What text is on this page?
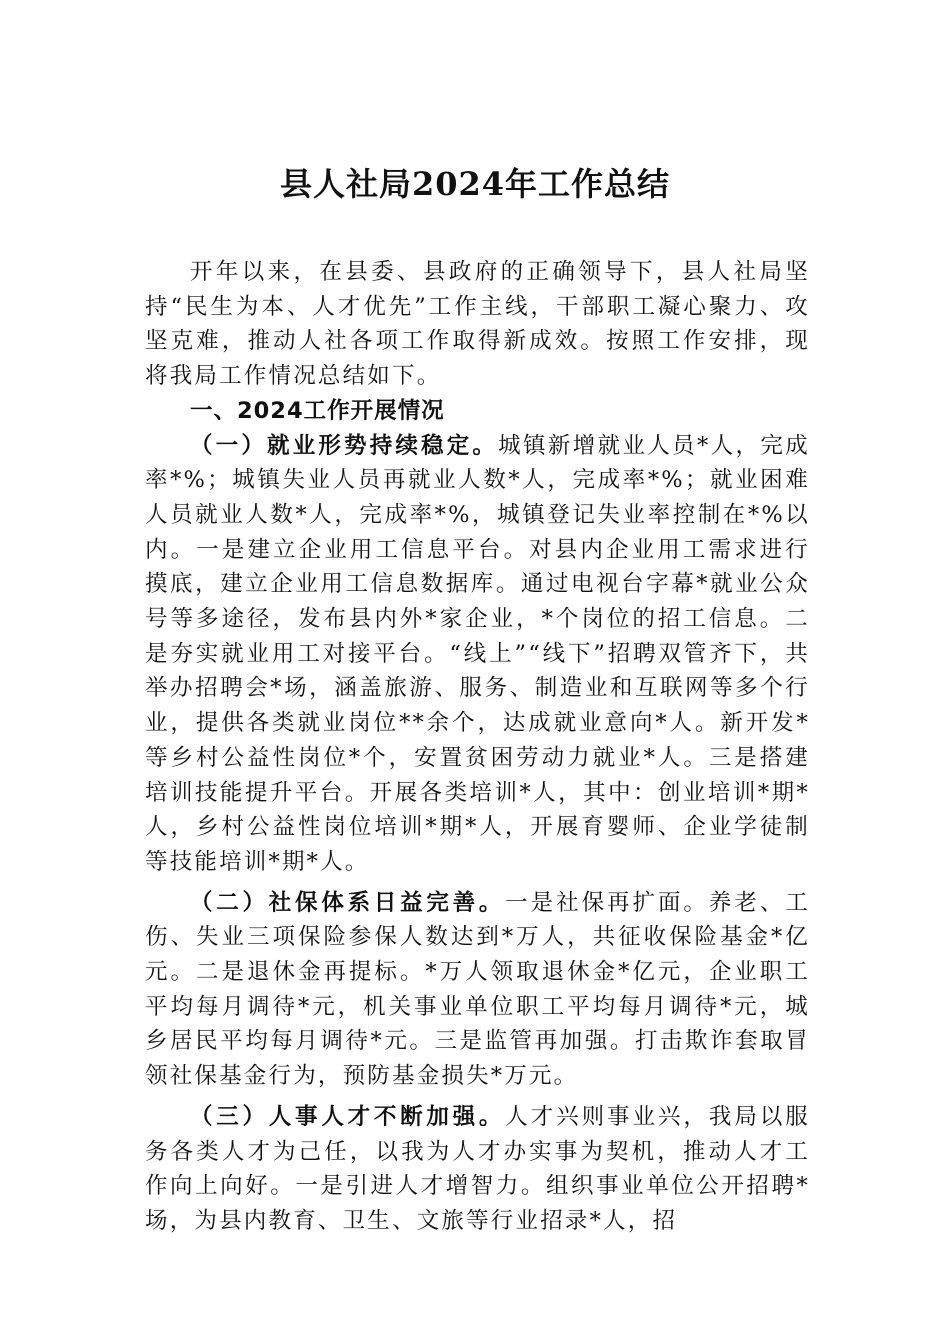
县人社局2024年工作总结

开年以来，在县委、县政府的正确领导下，县人社局坚持“民生为本、人才优先”工作主线，干部职工凝心聚力、攻坚克难，推动人社各项工作取得新成效。按照工作安排，现将我局工作情况总结如下。

一、2024工作开展情况

（一）就业形势持续稳定。城镇新增就业人员*人，完成率*%；城镇失业人员再就业人数*人，完成率*%；就业困难人员就业人数*人，完成率*%，城镇登记失业率控制在*%以内。一是建立企业用工信息平台。对县内企业用工需求进行摸底，建立企业用工信息数据库。通过电视台字幕*就业公众号等多途径，发布县内外*家企业，*个岗位的招工信息。二是夯实就业用工对接平台。“线上”“线下”招聘双管齐下，共举办招聘会*场，涵盖旅游、服务、制造业和互联网等多个行业，提供各类就业岗位**余个，达成就业意向*人。新开发*等乡村公益性岗位*个，安置贫困劳动力就业*人。三是搭建培训技能提升平台。开展各类培训*人，其中：创业培训*期*人，乡村公益性岗位培训*期*人，开展育婴师、企业学徒制等技能培训*期*人。

（二）社保体系日益完善。一是社保再扩面。养老、工伤、失业三项保险参保人数达到*万人，共征收保险基金*亿元。二是退休金再提标。*万人领取退休金*亿元，企业职工平均每月调待*元，机关事业单位职工平均每月调待*元，城乡居民平均每月调待*元。三是监管再加强。打击欺诈套取冒领社保基金行为，预防基金损失*万元。

（三）人事人才不断加强。人才兴则事业兴，我局以服务各类人才为己任，以我为人才办实事为契机，推动人才工作向上向好。一是引进人才增智力。组织事业单位公开招聘*场，为县内教育、卫生、文旅等行业招录*人，招
